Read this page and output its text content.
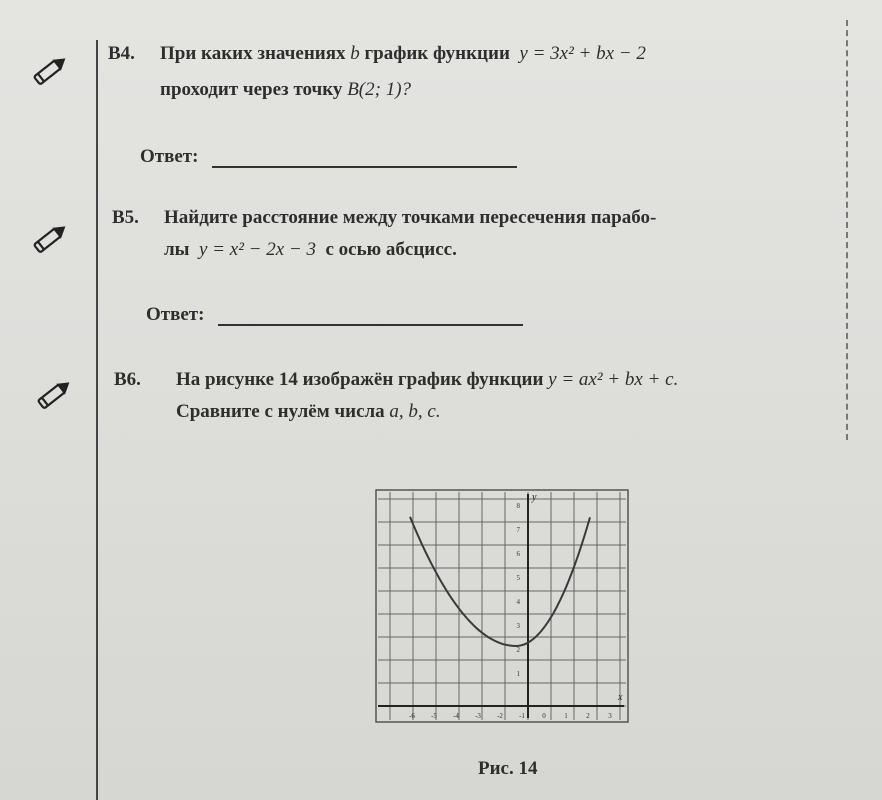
В4. При каких значениях b график функции y = 3x² + bx − 2
проходит через точку B(2; 1)?
Ответ:
В5. Найдите расстояние между точками пересечения парабо-
лы y = x² − 2x − 3 с осью абсцисс.
Ответ:
В6. На рисунке 14 изображён график функции y = ax² + bx + c.
Сравните с нулём числа a, b, c.
x
y
-6 -5 -4 -3 -2 -1 0	1	2	3
8
7
6
5
4
3
2
1
Рис. 14
